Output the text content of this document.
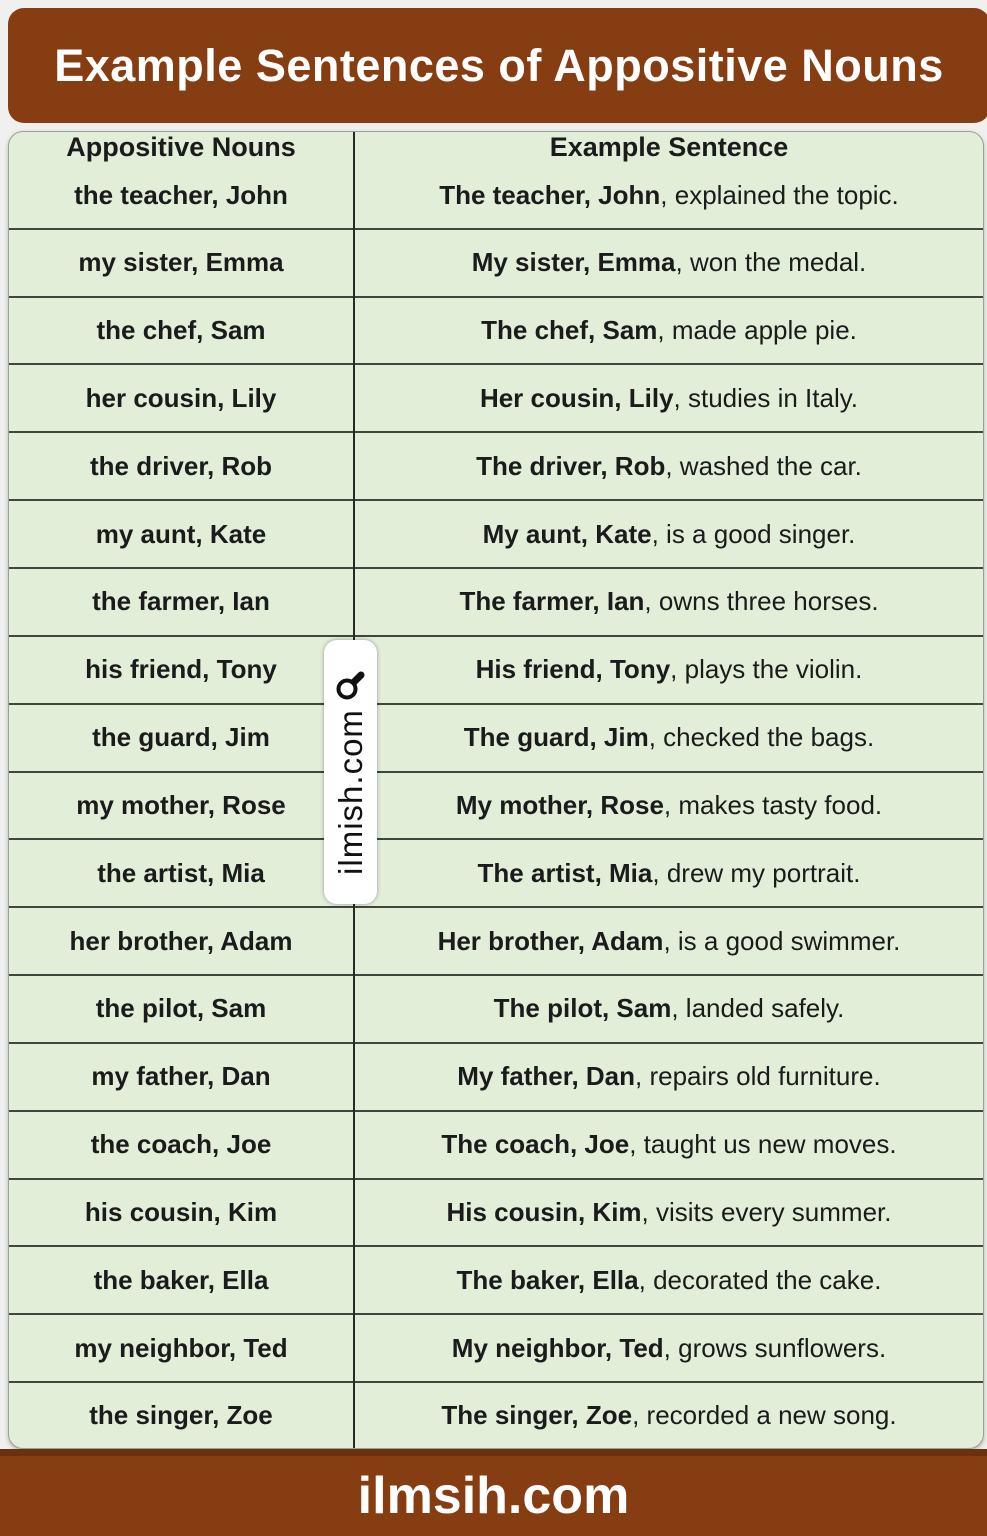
Example Sentences of Appositive Nouns
Appositive Nouns	Example Sentence
the teacher, John	The teacher, John, explained the topic.
my sister, Emma	My sister, Emma, won the medal.
the chef, Sam	The chef, Sam, made apple pie.
her cousin, Lily	Her cousin, Lily, studies in Italy.
the driver, Rob	The driver, Rob, washed the car.
my aunt, Kate	My aunt, Kate, is a good singer.
the farmer, Ian	The farmer, Ian, owns three horses.
his friend, Tony	His friend, Tony, plays the violin.
the guard, Jim	The guard, Jim, checked the bags.
my mother, Rose	My mother, Rose, makes tasty food.
the artist, Mia	The artist, Mia, drew my portrait.
her brother, Adam	Her brother, Adam, is a good swimmer.
the pilot, Sam	The pilot, Sam, landed safely.
my father, Dan	My father, Dan, repairs old furniture.
the coach, Joe	The coach, Joe, taught us new moves.
his cousin, Kim	His cousin, Kim, visits every summer.
the baker, Ella	The baker, Ella, decorated the cake.
my neighbor, Ted	My neighbor, Ted, grows sunflowers.
the singer, Zoe	The singer, Zoe, recorded a new song.
ilmish.com
ilmsih.com
